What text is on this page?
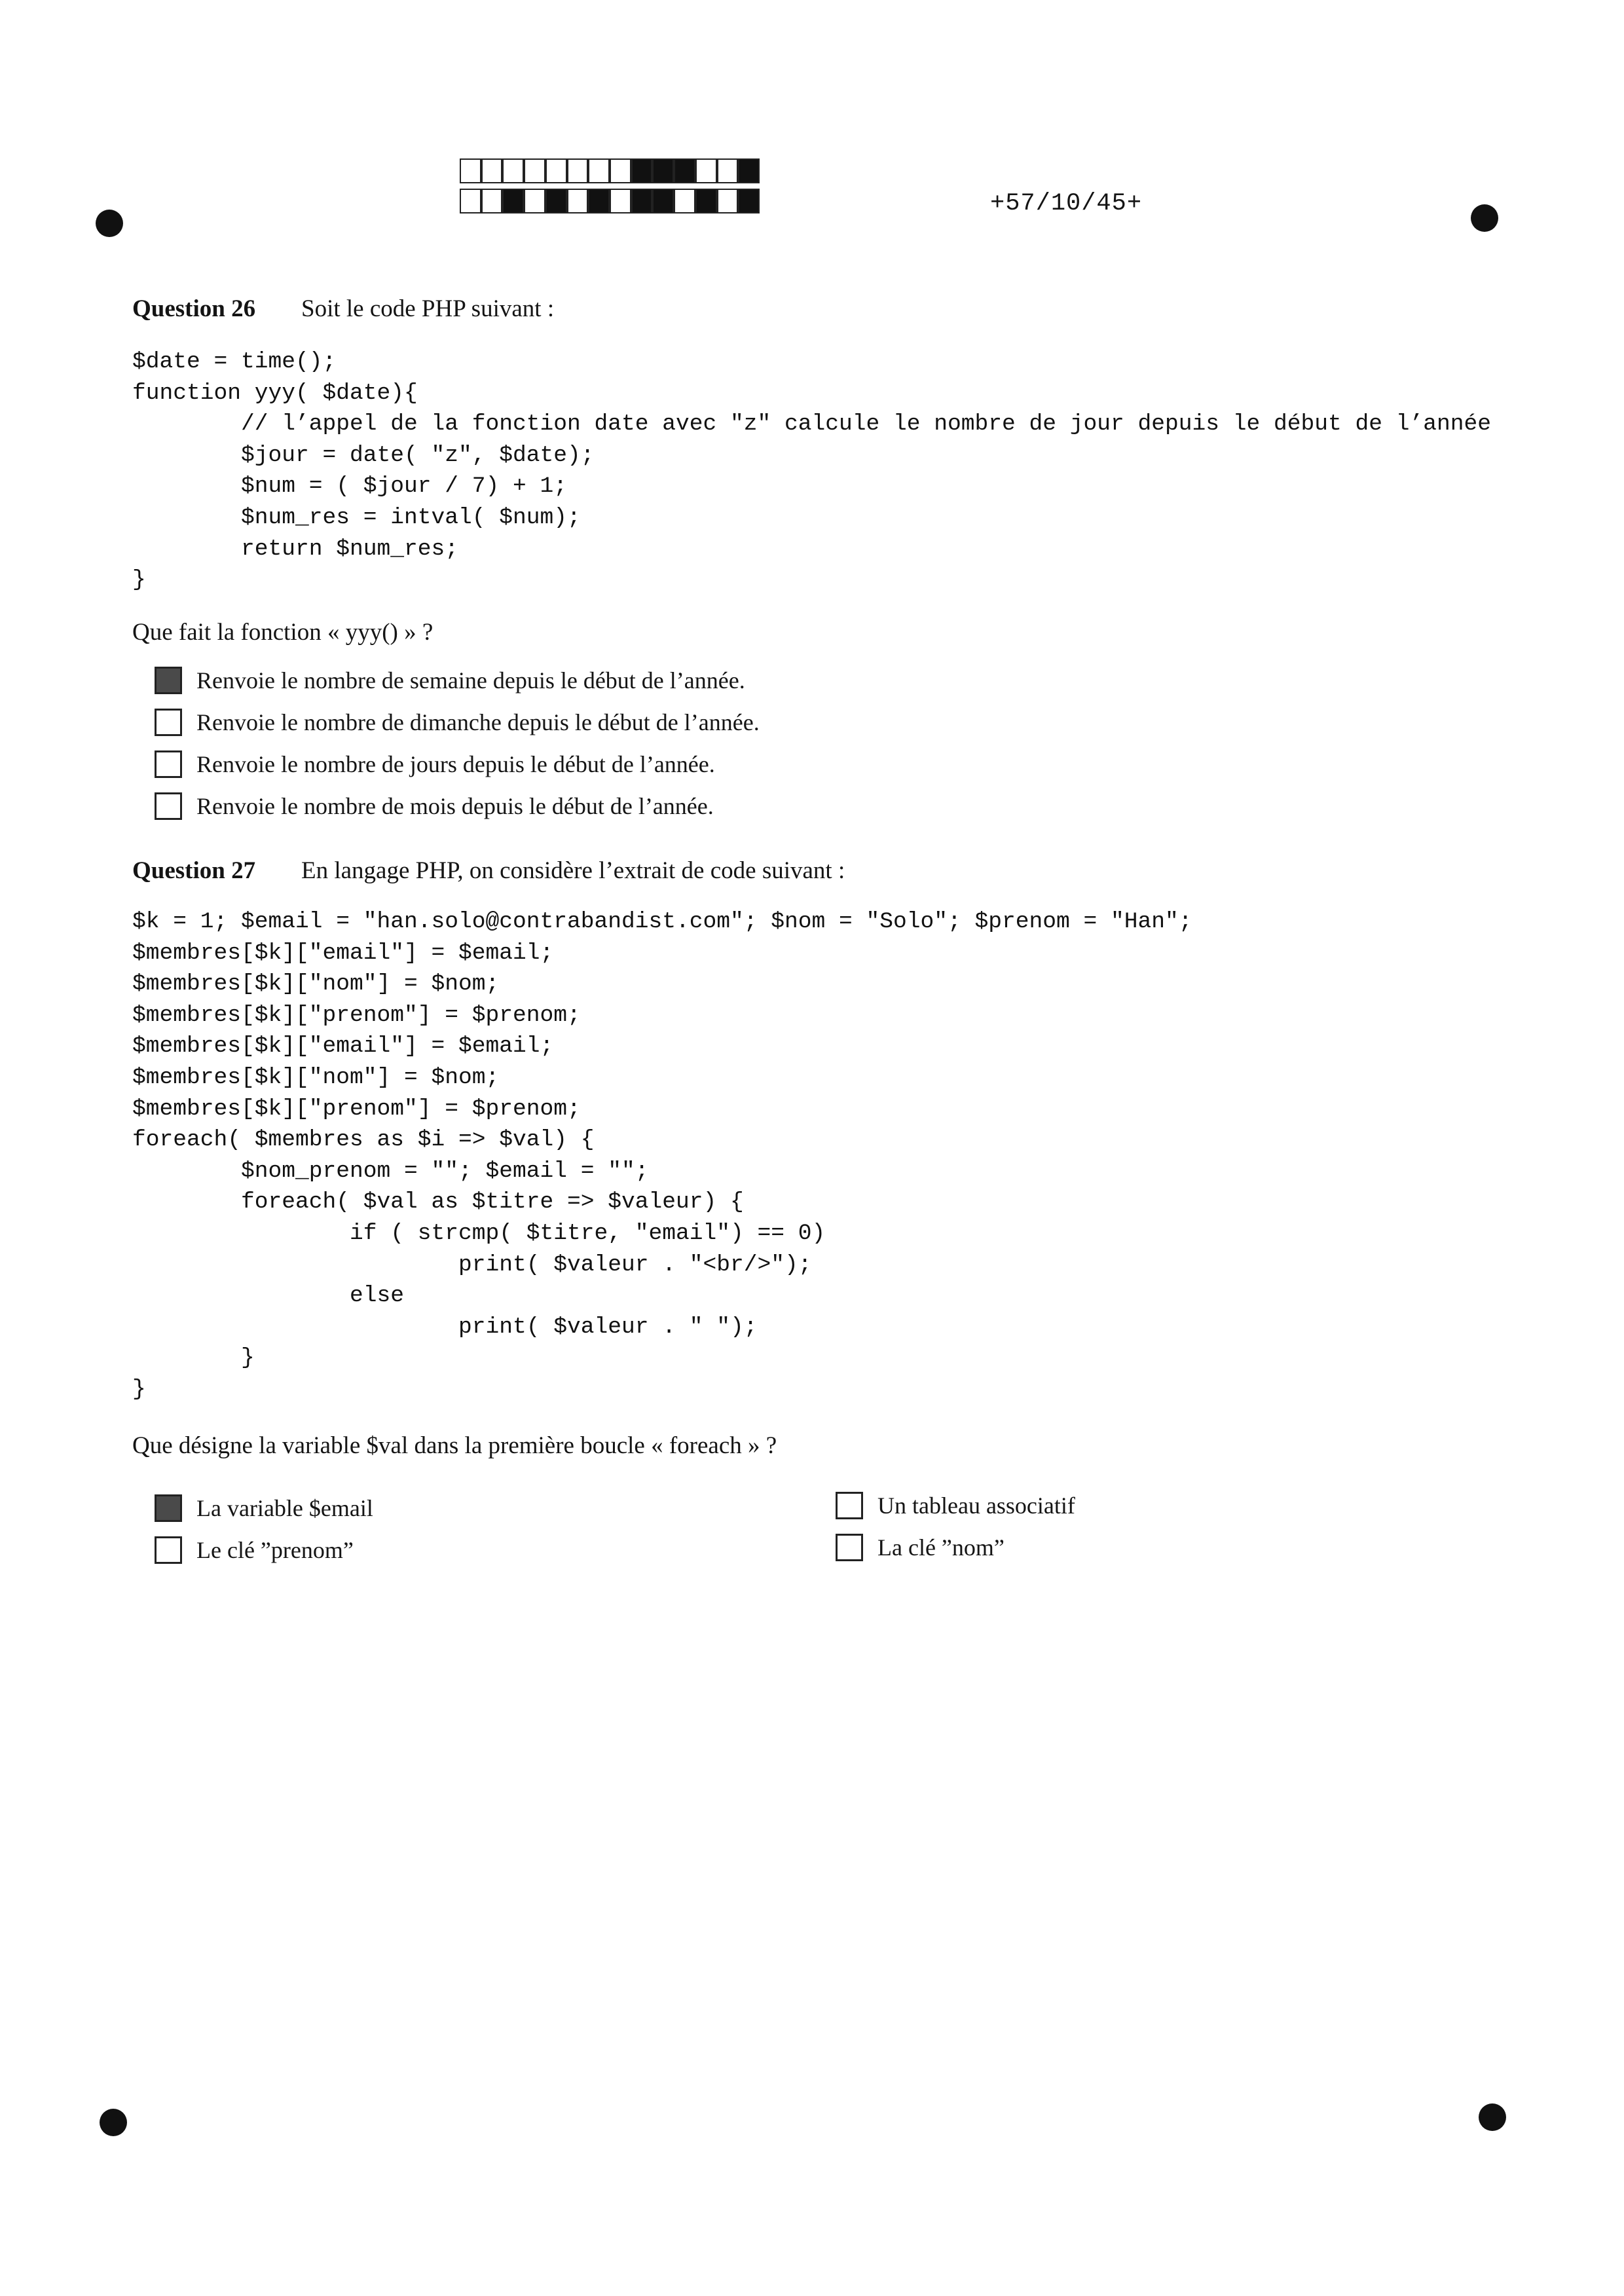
+57/10/45+
Question 26	Soit le code PHP suivant :
$date = time();
function yyy( $date){
// l’appel de la fonction date avec "z" calcule le nombre de jour depuis le début de l’année
$jour = date( "z", $date);
$num = ( $jour / 7) + 1;
$num_res = intval( $num);
return $num_res;
}
Que fait la fonction « yyy() » ?
Renvoie le nombre de semaine depuis le début de l’année.
Renvoie le nombre de dimanche depuis le début de l’année.
Renvoie le nombre de jours depuis le début de l’année.
Renvoie le nombre de mois depuis le début de l’année.
Question 27	En langage PHP, on considère l’extrait de code suivant :
$k = 1; $email = "han.solo@contrabandist.com"; $nom = "Solo"; $prenom = "Han";
$membres[$k]["email"] = $email;
$membres[$k]["nom"] = $nom;
$membres[$k]["prenom"] = $prenom;
$membres[$k]["email"] = $email;
$membres[$k]["nom"] = $nom;
$membres[$k]["prenom"] = $prenom;
foreach( $membres as $i => $val) {
$nom_prenom = ""; $email = "";
foreach( $val as $titre => $valeur) {
if ( strcmp( $titre, "email") == 0)
print( $valeur . "<br/>");
else
print( $valeur . " ");
}
}
Que désigne la variable $val dans la première boucle « foreach » ?
La variable $email	Un tableau associatif
Le clé ”prenom”	La clé ”nom”
